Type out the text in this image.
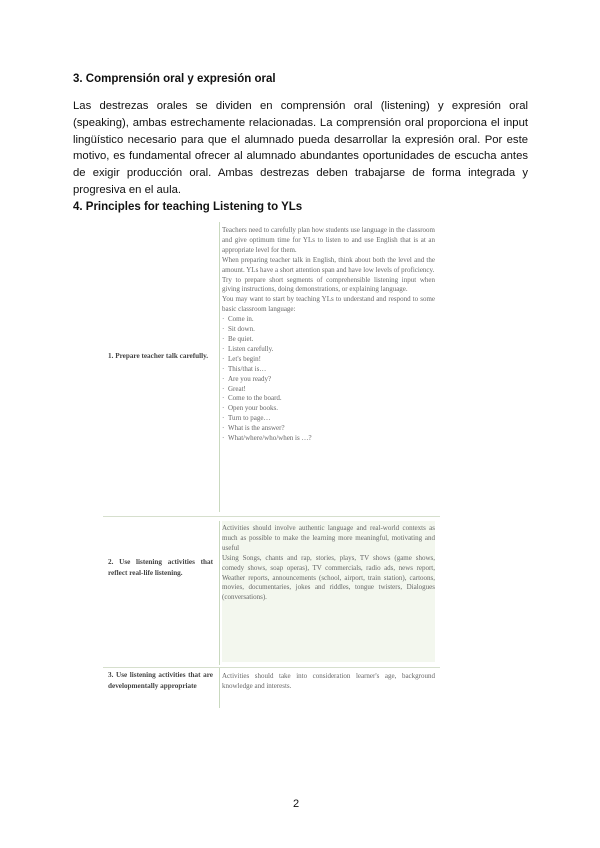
3. Comprensión oral y expresión oral
Las destrezas orales se dividen en comprensión oral (listening) y expresión oral (speaking), ambas estrechamente relacionadas. La comprensión oral proporciona el input lingüístico necesario para que el alumnado pueda desarrollar la expresión oral. Por este motivo, es fundamental ofrecer al alumnado abundantes oportunidades de escucha antes de exigir producción oral. Ambas destrezas deben trabajarse de forma integrada y progresiva en el aula.
4. Principles for teaching Listening to YLs
1. Prepare teacher talk carefully.

Teachers need to carefully plan how students use language in the classroom and give optimum time for YLs to listen to and use English that is at an appropriate level for them.

When preparing teacher talk in English, think about both the level and the amount. YLs have a short attention span and have low levels of proficiency.

Try to prepare short segments of comprehensible listening input when giving instructions, doing demonstrations, or explaining language.

You may want to start by teaching YLs to understand and respond to some basic classroom language:

· Come in.
· Sit down.
· Be quiet.
· Listen carefully.
· Let's begin!
· This/that is…
· Are you ready?
· Great!
· Come to the board.
· Open your books.
· Turn to page…
· What is the answer?
· What/where/who/when is …?
2. Use listening activities that reflect real-life listening.

Activities should involve authentic language and real-world contexts as much as possible to make the learning more meaningful, motivating and useful

Using Songs, chants and rap, stories, plays, TV shows (game shows, comedy shows, soap operas), TV commercials, radio ads, news report, Weather reports, announcements (school, airport, train station), cartoons, movies, documentaries, jokes and riddles, tongue twisters, Dialogues (conversations).

3. Use listening activities that are developmentally appropriate

Activities should take into consideration learner's age, background knowledge and interests.

2
